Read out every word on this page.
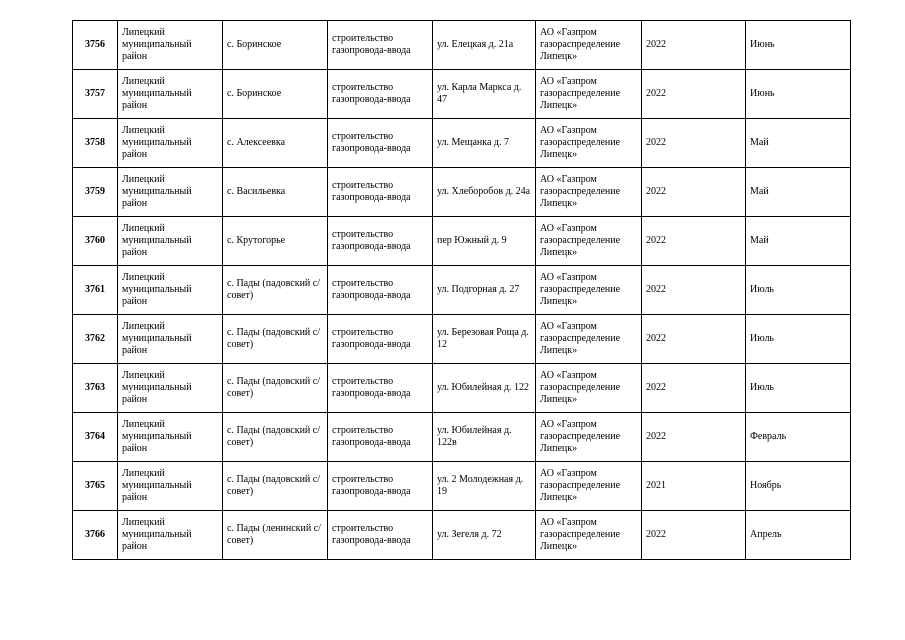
3756	Липецкий муниципальный район	с. Боринское	строительство газопровода-ввода	ул. Елецкая д. 21а	АО «Газпром газораспределение Липецк»	2022	Июнь
3757	Липецкий муниципальный район	с. Боринское	строительство газопровода-ввода	ул. Карла Маркса д. 47	АО «Газпром газораспределение Липецк»	2022	Июнь
3758	Липецкий муниципальный район	с. Алексеевка	строительство газопровода-ввода	ул. Мещанка д. 7	АО «Газпром газораспределение Липецк»	2022	Май
3759	Липецкий муниципальный район	с. Васильевка	строительство газопровода-ввода	ул. Хлеборобов д. 24а	АО «Газпром газораспределение Липецк»	2022	Май
3760	Липецкий муниципальный район	с. Крутогорье	строительство газопровода-ввода	пер Южный д. 9	АО «Газпром газораспределение Липецк»	2022	Май
3761	Липецкий муниципальный район	с. Пады (падовский с/совет)	строительство газопровода-ввода	ул. Подгорная д. 27	АО «Газпром газораспределение Липецк»	2022	Июль
3762	Липецкий муниципальный район	с. Пады (падовский с/совет)	строительство газопровода-ввода	ул. Березовая Роща д. 12	АО «Газпром газораспределение Липецк»	2022	Июль
3763	Липецкий муниципальный район	с. Пады (падовский с/совет)	строительство газопровода-ввода	ул. Юбилейная д. 122	АО «Газпром газораспределение Липецк»	2022	Июль
3764	Липецкий муниципальный район	с. Пады (падовский с/совет)	строительство газопровода-ввода	ул. Юбилейная д. 122в	АО «Газпром газораспределение Липецк»	2022	Февраль
3765	Липецкий муниципальный район	с. Пады (падовский с/совет)	строительство газопровода-ввода	ул. 2 Молодежная д. 19	АО «Газпром газораспределение Липецк»	2021	Ноябрь
3766	Липецкий муниципальный район	с. Пады (ленинский с/совет)	строительство газопровода-ввода	ул. Зегеля д. 72	АО «Газпром газораспределение Липецк»	2022	Апрель
